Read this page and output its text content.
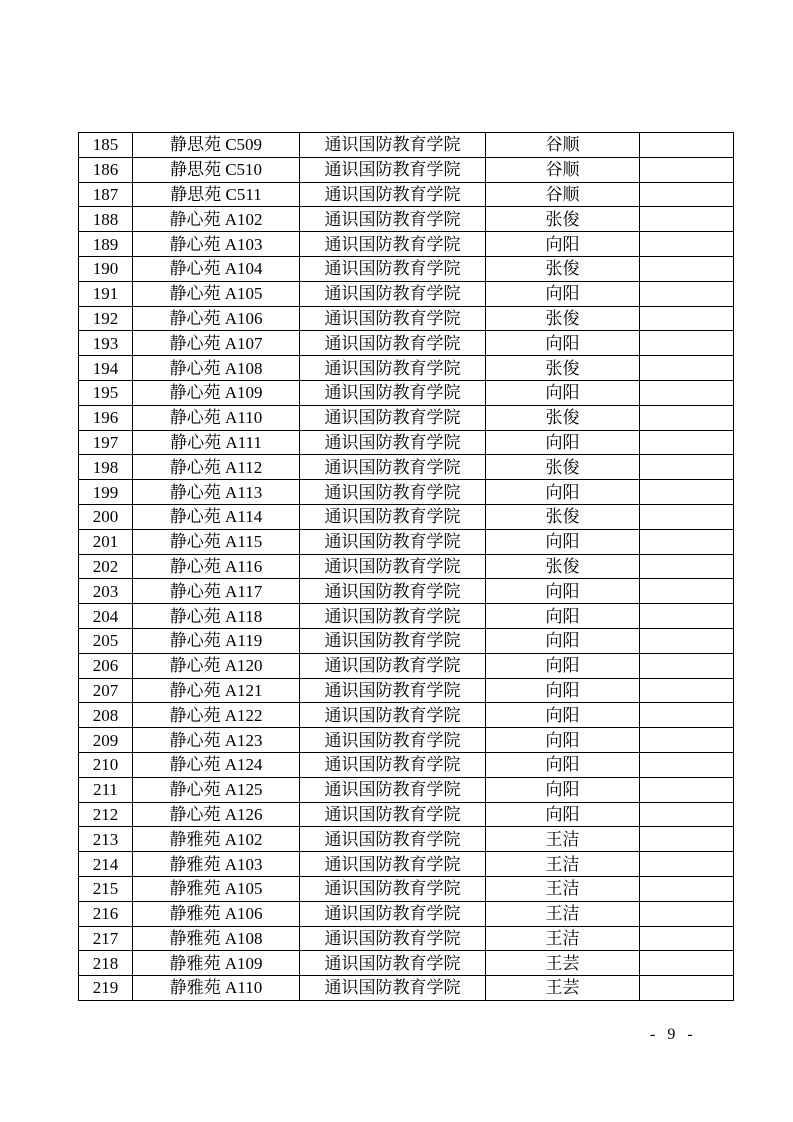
185	静思苑 C509	通识国防教育学院	谷顺	
186	静思苑 C510	通识国防教育学院	谷顺	
187	静思苑 C511	通识国防教育学院	谷顺	
188	静心苑 A102	通识国防教育学院	张俊	
189	静心苑 A103	通识国防教育学院	向阳	
190	静心苑 A104	通识国防教育学院	张俊	
191	静心苑 A105	通识国防教育学院	向阳	
192	静心苑 A106	通识国防教育学院	张俊	
193	静心苑 A107	通识国防教育学院	向阳	
194	静心苑 A108	通识国防教育学院	张俊	
195	静心苑 A109	通识国防教育学院	向阳	
196	静心苑 A110	通识国防教育学院	张俊	
197	静心苑 A111	通识国防教育学院	向阳	
198	静心苑 A112	通识国防教育学院	张俊	
199	静心苑 A113	通识国防教育学院	向阳	
200	静心苑 A114	通识国防教育学院	张俊	
201	静心苑 A115	通识国防教育学院	向阳	
202	静心苑 A116	通识国防教育学院	张俊	
203	静心苑 A117	通识国防教育学院	向阳	
204	静心苑 A118	通识国防教育学院	向阳	
205	静心苑 A119	通识国防教育学院	向阳	
206	静心苑 A120	通识国防教育学院	向阳	
207	静心苑 A121	通识国防教育学院	向阳	
208	静心苑 A122	通识国防教育学院	向阳	
209	静心苑 A123	通识国防教育学院	向阳	
210	静心苑 A124	通识国防教育学院	向阳	
211	静心苑 A125	通识国防教育学院	向阳	
212	静心苑 A126	通识国防教育学院	向阳	
213	静雅苑 A102	通识国防教育学院	王洁	
214	静雅苑 A103	通识国防教育学院	王洁	
215	静雅苑 A105	通识国防教育学院	王洁	
216	静雅苑 A106	通识国防教育学院	王洁	
217	静雅苑 A108	通识国防教育学院	王洁	
218	静雅苑 A109	通识国防教育学院	王芸	
219	静雅苑 A110	通识国防教育学院	王芸	
- 9 -
